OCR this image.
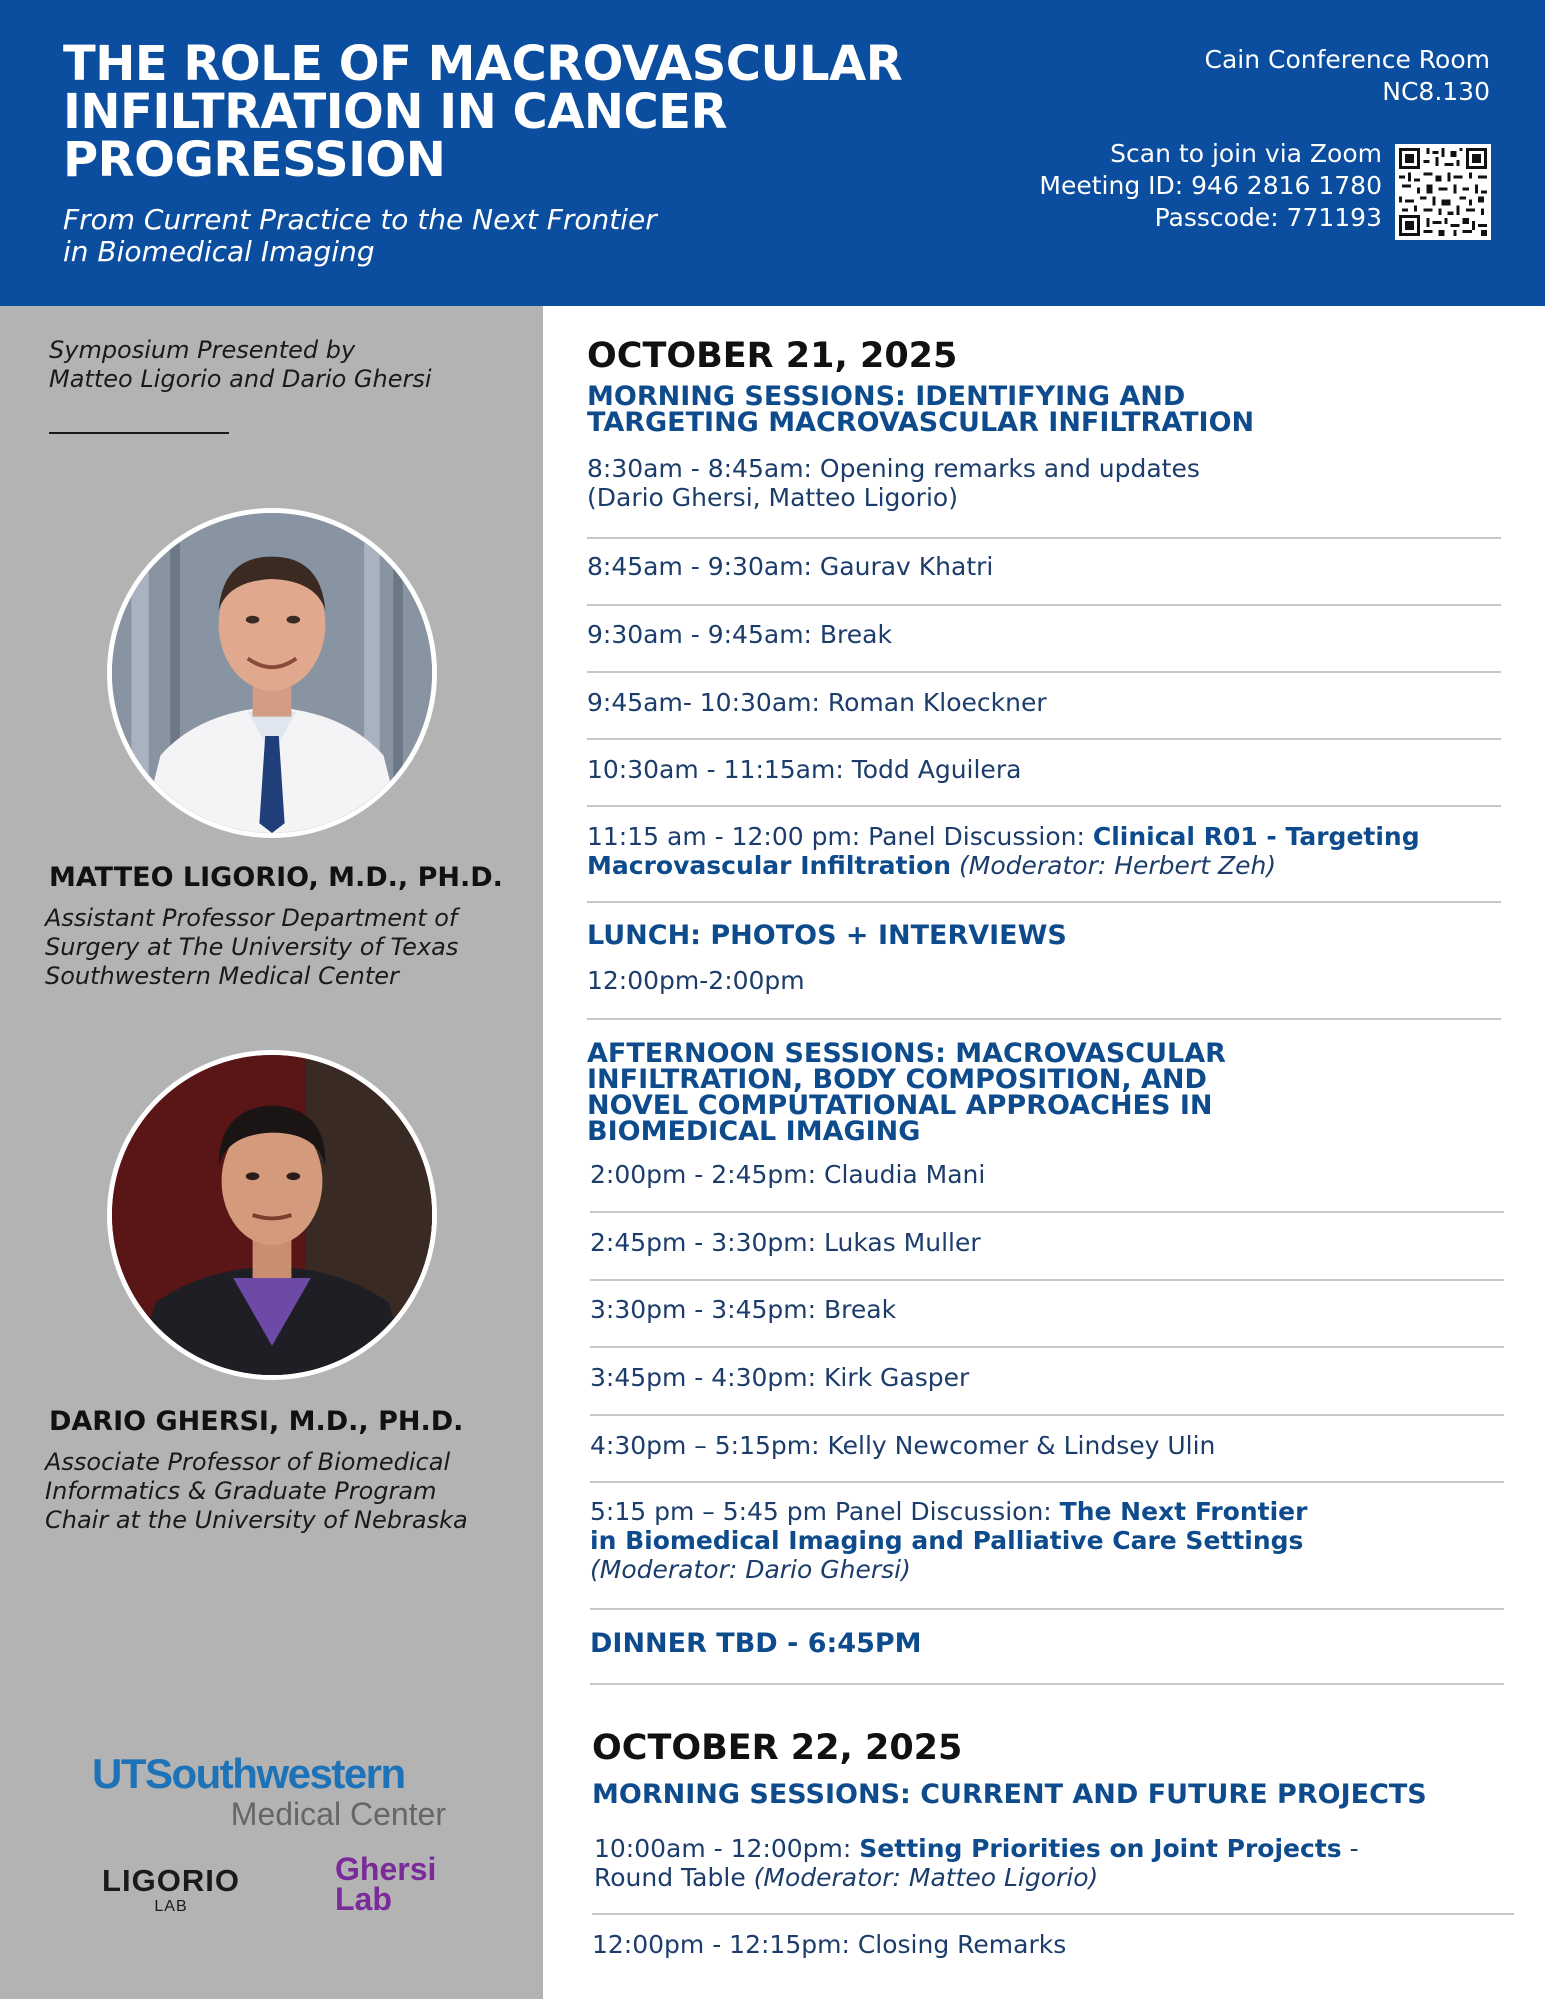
THE ROLE OF MACROVASCULAR
INFILTRATION IN CANCER
PROGRESSION
From Current Practice to the Next Frontier
in Biomedical Imaging
Cain Conference Room
NC8.130
Scan to join via Zoom
Meeting ID: 946 2816 1780
Passcode: 771193
Symposium Presented by
Matteo Ligorio and Dario Ghersi
MATTEO LIGORIO, M.D., PH.D.
Assistant Professor Department of
Surgery at The University of Texas
Southwestern Medical Center
DARIO GHERSI, M.D., PH.D.
Associate Professor of Biomedical
Informatics & Graduate Program
Chair at the University of Nebraska
UTSouthwestern
Medical Center
LIGORIO
LAB
Ghersi
Lab
OCTOBER 21, 2025
MORNING SESSIONS: IDENTIFYING AND
TARGETING MACROVASCULAR INFILTRATION
8:30am - 8:45am: Opening remarks and updates
(Dario Ghersi, Matteo Ligorio)
8:45am - 9:30am: Gaurav Khatri
9:30am - 9:45am: Break
9:45am- 10:30am: Roman Kloeckner
10:30am - 11:15am: Todd Aguilera
11:15 am - 12:00 pm: Panel Discussion: Clinical R01 - Targeting
Macrovascular Infiltration (Moderator: Herbert Zeh)
LUNCH: PHOTOS + INTERVIEWS
12:00pm-2:00pm
AFTERNOON SESSIONS: MACROVASCULAR
INFILTRATION, BODY COMPOSITION, AND
NOVEL COMPUTATIONAL APPROACHES IN
BIOMEDICAL IMAGING
2:00pm - 2:45pm: Claudia Mani
2:45pm - 3:30pm: Lukas Muller
3:30pm - 3:45pm: Break
3:45pm - 4:30pm: Kirk Gasper
4:30pm – 5:15pm: Kelly Newcomer & Lindsey Ulin
5:15 pm – 5:45 pm Panel Discussion: The Next Frontier
in Biomedical Imaging and Palliative Care Settings
(Moderator: Dario Ghersi)
DINNER TBD - 6:45PM
OCTOBER 22, 2025
MORNING SESSIONS: CURRENT AND FUTURE PROJECTS
10:00am - 12:00pm: Setting Priorities on Joint Projects -
Round Table (Moderator: Matteo Ligorio)
12:00pm - 12:15pm: Closing Remarks
